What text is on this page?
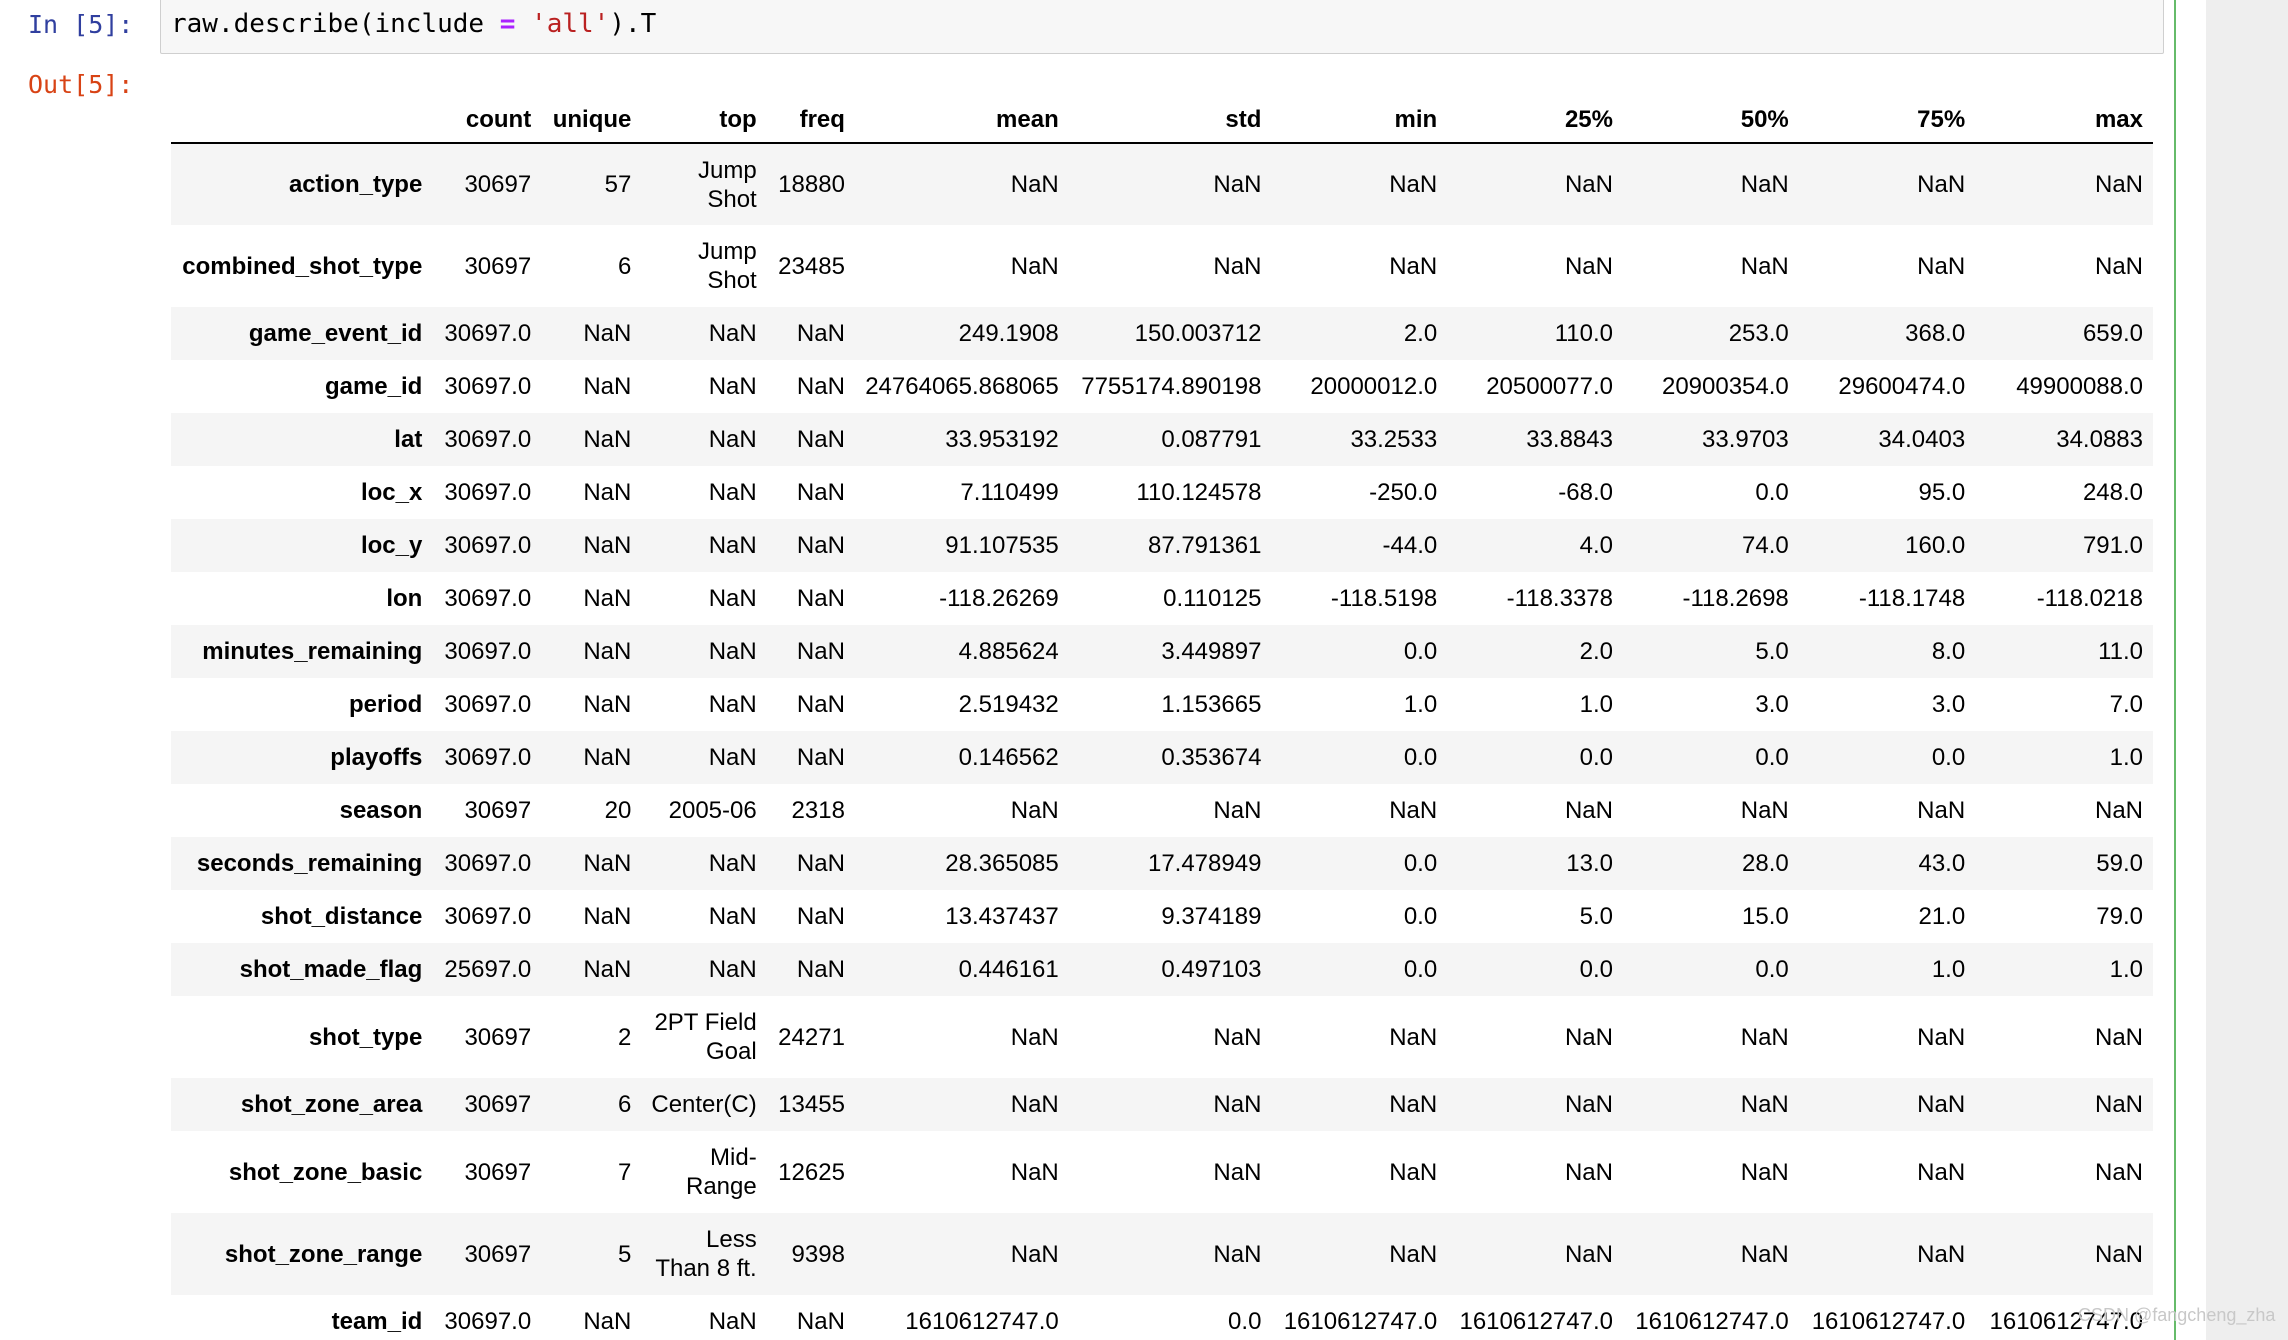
In [5]: raw.describe(include = 'all').T
Out[5]:
	count	unique	top	freq	mean	std	min	25%	50%	75%	max
action_type	30697	57	Jump Shot	18880	NaN	NaN	NaN	NaN	NaN	NaN	NaN
combined_shot_type	30697	6	Jump Shot	23485	NaN	NaN	NaN	NaN	NaN	NaN	NaN
game_event_id	30697.0	NaN	NaN	NaN	249.1908	150.003712	2.0	110.0	253.0	368.0	659.0
game_id	30697.0	NaN	NaN	NaN	24764065.868065	7755174.890198	20000012.0	20500077.0	20900354.0	29600474.0	49900088.0
lat	30697.0	NaN	NaN	NaN	33.953192	0.087791	33.2533	33.8843	33.9703	34.0403	34.0883
loc_x	30697.0	NaN	NaN	NaN	7.110499	110.124578	-250.0	-68.0	0.0	95.0	248.0
loc_y	30697.0	NaN	NaN	NaN	91.107535	87.791361	-44.0	4.0	74.0	160.0	791.0
lon	30697.0	NaN	NaN	NaN	-118.26269	0.110125	-118.5198	-118.3378	-118.2698	-118.1748	-118.0218
minutes_remaining	30697.0	NaN	NaN	NaN	4.885624	3.449897	0.0	2.0	5.0	8.0	11.0
period	30697.0	NaN	NaN	NaN	2.519432	1.153665	1.0	1.0	3.0	3.0	7.0
playoffs	30697.0	NaN	NaN	NaN	0.146562	0.353674	0.0	0.0	0.0	0.0	1.0
season	30697	20	2005-06	2318	NaN	NaN	NaN	NaN	NaN	NaN	NaN
seconds_remaining	30697.0	NaN	NaN	NaN	28.365085	17.478949	0.0	13.0	28.0	43.0	59.0
shot_distance	30697.0	NaN	NaN	NaN	13.437437	9.374189	0.0	5.0	15.0	21.0	79.0
shot_made_flag	25697.0	NaN	NaN	NaN	0.446161	0.497103	0.0	0.0	0.0	1.0	1.0
shot_type	30697	2	2PT Field Goal	24271	NaN	NaN	NaN	NaN	NaN	NaN	NaN
shot_zone_area	30697	6	Center(C)	13455	NaN	NaN	NaN	NaN	NaN	NaN	NaN
shot_zone_basic	30697	7	Mid-Range	12625	NaN	NaN	NaN	NaN	NaN	NaN	NaN
shot_zone_range	30697	5	Less Than 8 ft.	9398	NaN	NaN	NaN	NaN	NaN	NaN	NaN
team_id	30697.0	NaN	NaN	NaN	1610612747.0	0.0	1610612747.0	1610612747.0	1610612747.0	1610612747.0	1610612747.0
CSDN @fangcheng_zha
